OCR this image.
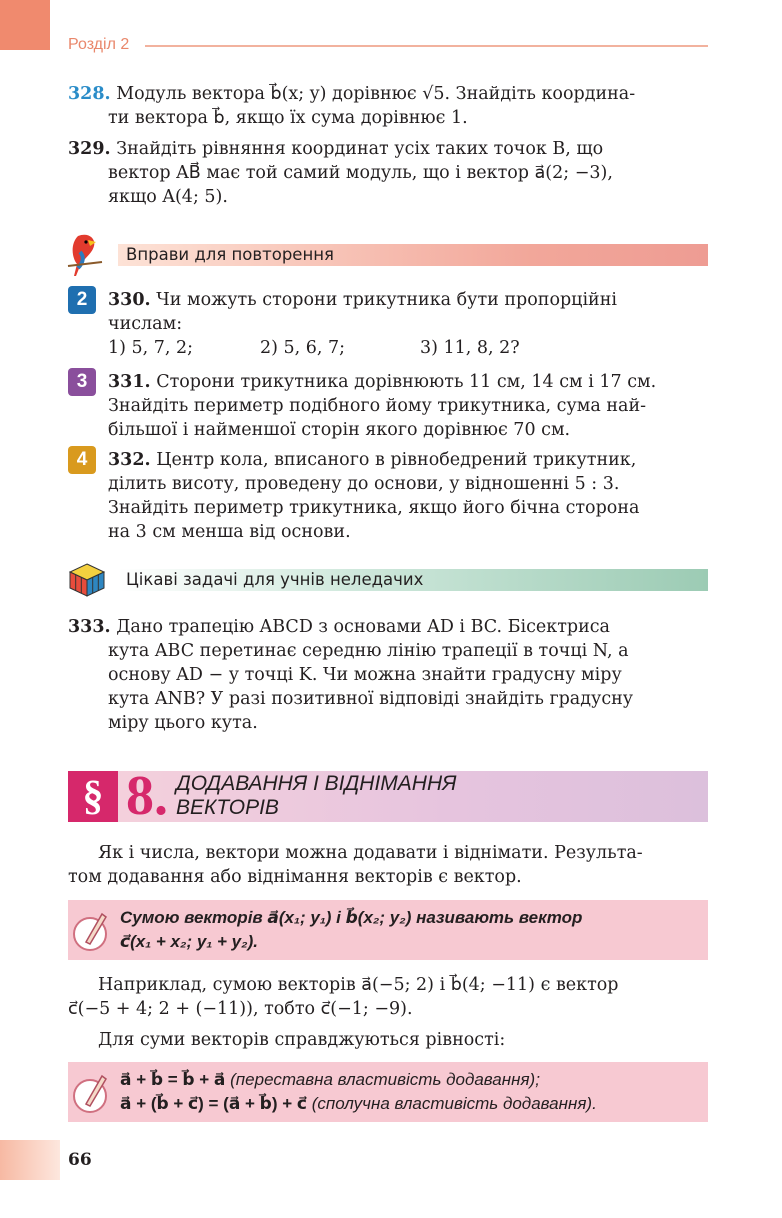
Розділ 2
328. Модуль вектора b⃗(x; y) дорівнює √5. Знайдіть координа-
ти вектора b⃗, якщо їх сума дорівнює 1.
329. Знайдіть рівняння координат усіх таких точок B, що
вектор AB⃗ має той самий модуль, що і вектор a⃗(2; −3),
якщо A(4; 5).
Вправи для повторення
2	330. Чи можуть сторони трикутника бути пропорційні
числам:
1) 5, 7, 2;	2) 5, 6, 7;	3) 11, 8, 2?
3	331. Сторони трикутника дорівнюють 11 см, 14 см і 17 см.
Знайдіть периметр подібного йому трикутника, сума най-
більшої і найменшої сторін якого дорівнює 70 см.
4	332. Центр кола, вписаного в рівнобедрений трикутник,
ділить висоту, проведену до основи, у відношенні 5 : 3.
Знайдіть периметр трикутника, якщо його бічна сторона
на 3 см менша від основи.
Цікаві задачі для учнів неледачих
333. Дано трапецію ABCD з основами AD і BC. Бісектриса
кута ABC перетинає середню лінію трапеції в точці N, а
основу AD − у точці K. Чи можна знайти градусну міру
кута ANB? У разі позитивної відповіді знайдіть градусну
міру цього кута.
§ 8. ДОДАВАННЯ І ВІДНІМАННЯ
ВЕКТОРІВ
Як і числа, вектори можна додавати і віднімати. Результа-
том додавання або віднімання векторів є вектор.
Сумою векторів a⃗(x₁; y₁) і b⃗(x₂; y₂) називають вектор
c⃗(x₁ + x₂; y₁ + y₂).
Наприклад, сумою векторів a⃗(−5; 2) і b⃗(4; −11) є вектор
c⃗(−5 + 4; 2 + (−11)), тобто c⃗(−1; −9).
Для суми векторів справджуються рівності:
a⃗ + b⃗ = b⃗ + a⃗ (переставна властивість додавання);
a⃗ + (b⃗ + c⃗) = (a⃗ + b⃗) + c⃗ (сполучна властивість додавання).
66
